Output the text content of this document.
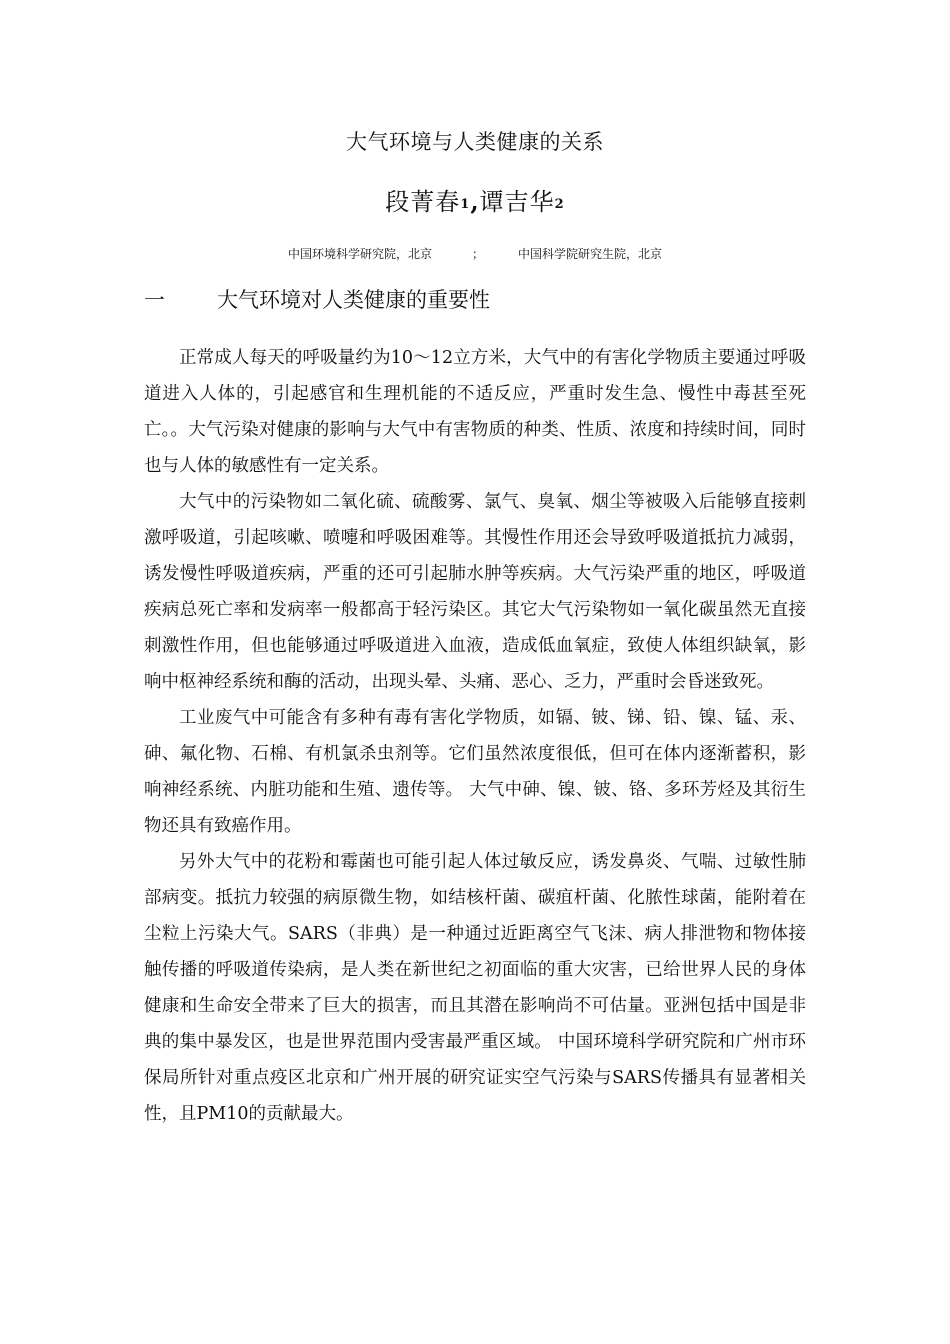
大气环境与人类健康的关系
段菁春$^1$,谭吉华$^2$
中国环境科学研究院，北京	；	中国科学院研究生院，北京
一 大气环境对人类健康的重要性

正常成人每天的呼吸量约为10～12立方米，大气中的有害化学物质主要通过呼吸道进入人体的，引起感官和生理机能的不适反应，严重时发生急、慢性中毒甚至死亡。。大气污染对健康的影响与大气中有害物质的种类、性质、浓度和持续时间，同时也与人体的敏感性有一定关系。

大气中的污染物如二氧化硫、硫酸雾、氯气、臭氧、烟尘等被吸入后能够直接刺激呼吸道，引起咳嗽、喷嚏和呼吸困难等。其慢性作用还会导致呼吸道抵抗力减弱，诱发慢性呼吸道疾病，严重的还可引起肺水肿等疾病。大气污染严重的地区，呼吸道疾病总死亡率和发病率一般都高于轻污染区。其它大气污染物如一氧化碳虽然无直接刺激性作用，但也能够通过呼吸道进入血液，造成低血氧症，致使人体组织缺氧，影响中枢神经系统和酶的活动，出现头晕、头痛、恶心、乏力，严重时会昏迷致死。

工业废气中可能含有多种有毒有害化学物质，如镉、铍、锑、铅、镍、锰、汞、砷、氟化物、石棉、有机氯杀虫剂等。它们虽然浓度很低，但可在体内逐渐蓄积，影响神经系统、内脏功能和生殖、遗传等。 大气中砷、镍、铍、铬、多环芳烃及其衍生物还具有致癌作用。

另外大气中的花粉和霉菌也可能引起人体过敏反应，诱发鼻炎、气喘、过敏性肺部病变。抵抗力较强的病原微生物，如结核杆菌、碳疽杆菌、化脓性球菌，能附着在尘粒上污染大气。SARS（非典）是一种通过近距离空气飞沫、病人排泄物和物体接触传播的呼吸道传染病，是人类在新世纪之初面临的重大灾害，已给世界人民的身体健康和生命安全带来了巨大的损害，而且其潜在影响尚不可估量。亚洲包括中国是非典的集中暴发区，也是世界范围内受害最严重区域。 中国环境科学研究院和广州市环保局所针对重点疫区北京和广州开展的研究证实空气污染与SARS传播具有显著相关性，且PM10的贡献最大。
